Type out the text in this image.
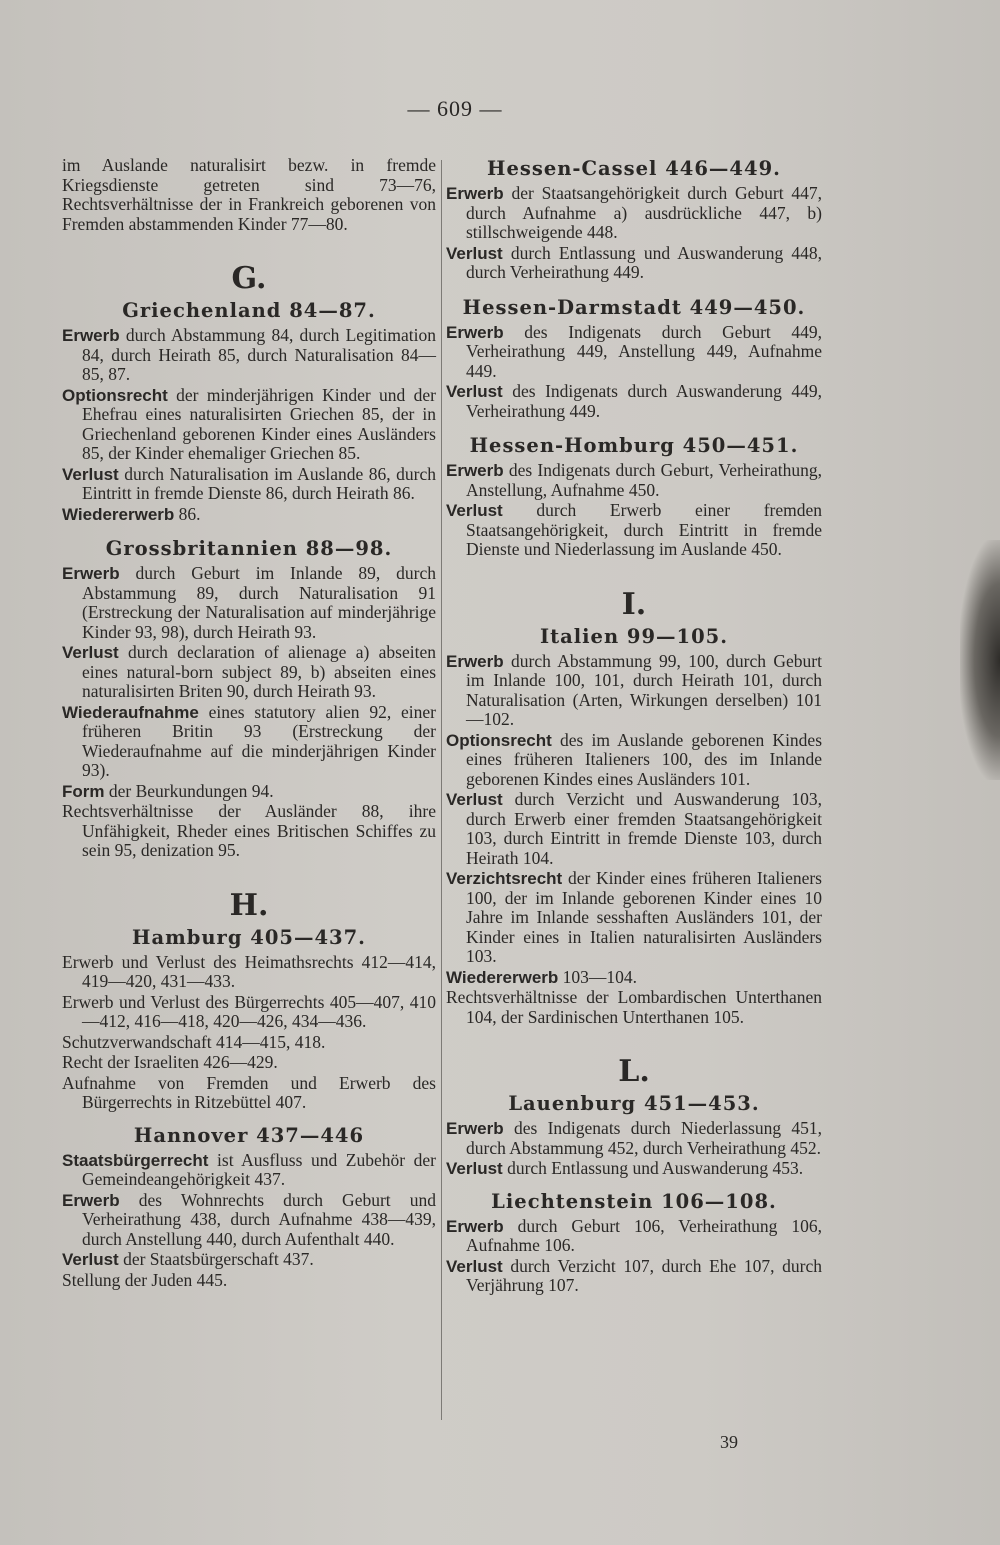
— 609 —

im Auslande naturalisirt bezw. in fremde Kriegsdienste getreten sind 73—76, Rechtsverhältnisse der in Frankreich geborenen von Fremden abstammenden Kinder 77—80.

G.
Griechenland 84—87.

Erwerb durch Abstammung 84, durch Legitimation 84, durch Heirath 85, durch Naturalisation 84—85, 87.

Optionsrecht der minderjährigen Kinder und der Ehefrau eines naturalisirten Griechen 85, der in Griechenland geborenen Kinder eines Ausländers 85, der Kinder ehemaliger Griechen 85.

Verlust durch Naturalisation im Auslande 86, durch Eintritt in fremde Dienste 86, durch Heirath 86.

Wiedererwerb 86.

Grossbritannien 88—98.

Erwerb durch Geburt im Inlande 89, durch Abstammung 89, durch Naturalisation 91 (Erstreckung der Naturalisation auf minderjährige Kinder 93, 98), durch Heirath 93.

Verlust durch declaration of alienage a) abseiten eines natural-born subject 89, b) abseiten eines naturalisirten Briten 90, durch Heirath 93.

Wiederaufnahme eines statutory alien 92, einer früheren Britin 93 (Erstreckung der Wiederaufnahme auf die minderjährigen Kinder 93).

Form der Beurkundungen 94.

Rechtsverhältnisse der Ausländer 88, ihre Unfähigkeit, Rheder eines Britischen Schiffes zu sein 95, denization 95.

H.
Hamburg 405—437.

Erwerb und Verlust des Heimathsrechts 412—414, 419—420, 431—433.

Erwerb und Verlust des Bürgerrechts 405—407, 410—412, 416—418, 420—426, 434—436.

Schutzverwandschaft 414—415, 418.

Recht der Israeliten 426—429.

Aufnahme von Fremden und Erwerb des Bürgerrechts in Ritzebüttel 407.

Hannover 437—446

Staatsbürgerrecht ist Ausfluss und Zubehör der Gemeindeangehörigkeit 437.

Erwerb des Wohnrechts durch Geburt und Verheirathung 438, durch Aufnahme 438—439, durch Anstellung 440, durch Aufenthalt 440.

Verlust der Staatsbürgerschaft 437.

Stellung der Juden 445.

Hessen-Cassel 446—449.

Erwerb der Staatsangehörigkeit durch Geburt 447, durch Aufnahme a) ausdrückliche 447, b) stillschweigende 448.

Verlust durch Entlassung und Auswanderung 448, durch Verheirathung 449.

Hessen-Darmstadt 449—450.

Erwerb des Indigenats durch Geburt 449, Verheirathung 449, Anstellung 449, Aufnahme 449.

Verlust des Indigenats durch Auswanderung 449, Verheirathung 449.

Hessen-Homburg 450—451.

Erwerb des Indigenats durch Geburt, Verheirathung, Anstellung, Aufnahme 450.

Verlust durch Erwerb einer fremden Staatsangehörigkeit, durch Eintritt in fremde Dienste und Niederlassung im Auslande 450.

I.
Italien 99—105.

Erwerb durch Abstammung 99, 100, durch Geburt im Inlande 100, 101, durch Heirath 101, durch Naturalisation (Arten, Wirkungen derselben) 101—102.

Optionsrecht des im Auslande geborenen Kindes eines früheren Italieners 100, des im Inlande geborenen Kindes eines Ausländers 101.

Verlust durch Verzicht und Auswanderung 103, durch Erwerb einer fremden Staatsangehörigkeit 103, durch Eintritt in fremde Dienste 103, durch Heirath 104.

Verzichtsrecht der Kinder eines früheren Italieners 100, der im Inlande geborenen Kinder eines 10 Jahre im Inlande sesshaften Ausländers 101, der Kinder eines in Italien naturalisirten Ausländers 103.

Wiedererwerb 103—104.

Rechtsverhältnisse der Lombardischen Unterthanen 104, der Sardinischen Unterthanen 105.

L.
Lauenburg 451—453.

Erwerb des Indigenats durch Niederlassung 451, durch Abstammung 452, durch Verheirathung 452.

Verlust durch Entlassung und Auswanderung 453.

Liechtenstein 106—108.

Erwerb durch Geburt 106, Verheirathung 106, Aufnahme 106.

Verlust durch Verzicht 107, durch Ehe 107, durch Verjährung 107.

39
